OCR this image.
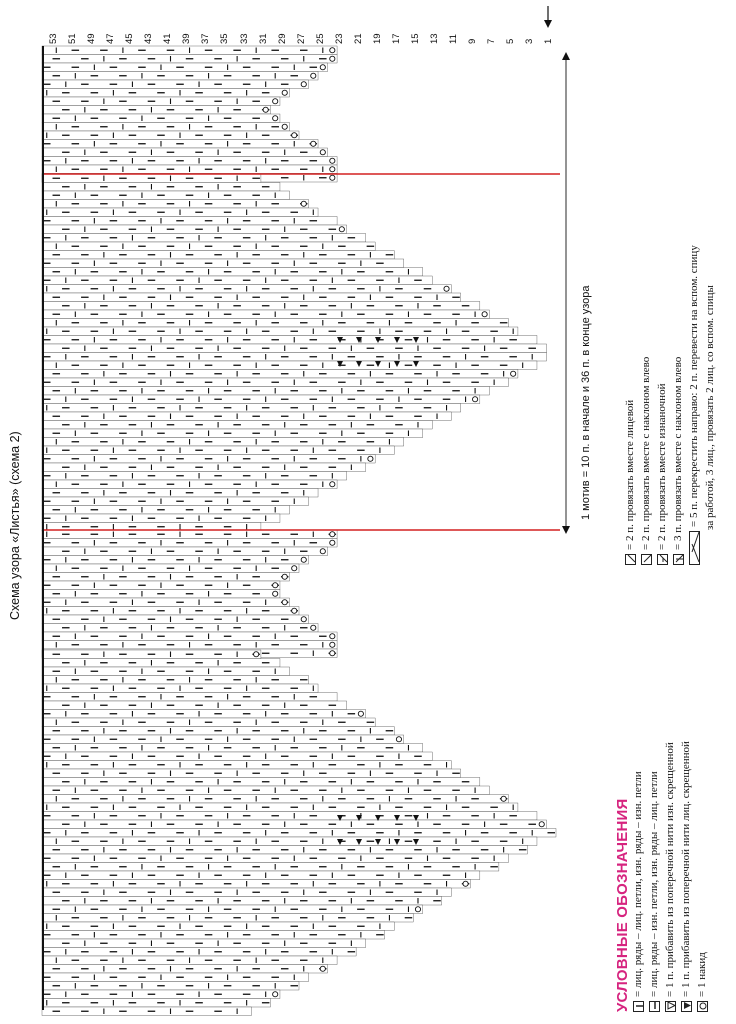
Схема узора «Листья» (схема 2)
1 мотив = 10 п. в начале и 36 п. в конце узора
53 51 49 47 45 43 41 39 37 35 33 31 29 27 25 23 21 19 17 15 13 11 9 7 5 3 1
УСЛОВНЫЕ ОБОЗНАЧЕНИЯ = лиц. ряды – лиц. петли, изн. ряды – изн. петли = лиц. ряды – изн. петли, изн. ряды – лиц. петли = 1 п. прибавить из поперечной нити изн. скрещенной = 1 п. прибавить из поперечной нити лиц. скрещенной = 1 накид
= 2 п. провязать вместе лицевой = 2 п. провязать вместе с наклоном влево = 2 п. провязать вместе изнаночной = 3 п. провязать вместе с наклоном влево = 5 п. перекрестить направо: 2 п. перевести на вспом. спицу за работой, 3 лиц., провязать 2 лиц. со вспом. спицы
